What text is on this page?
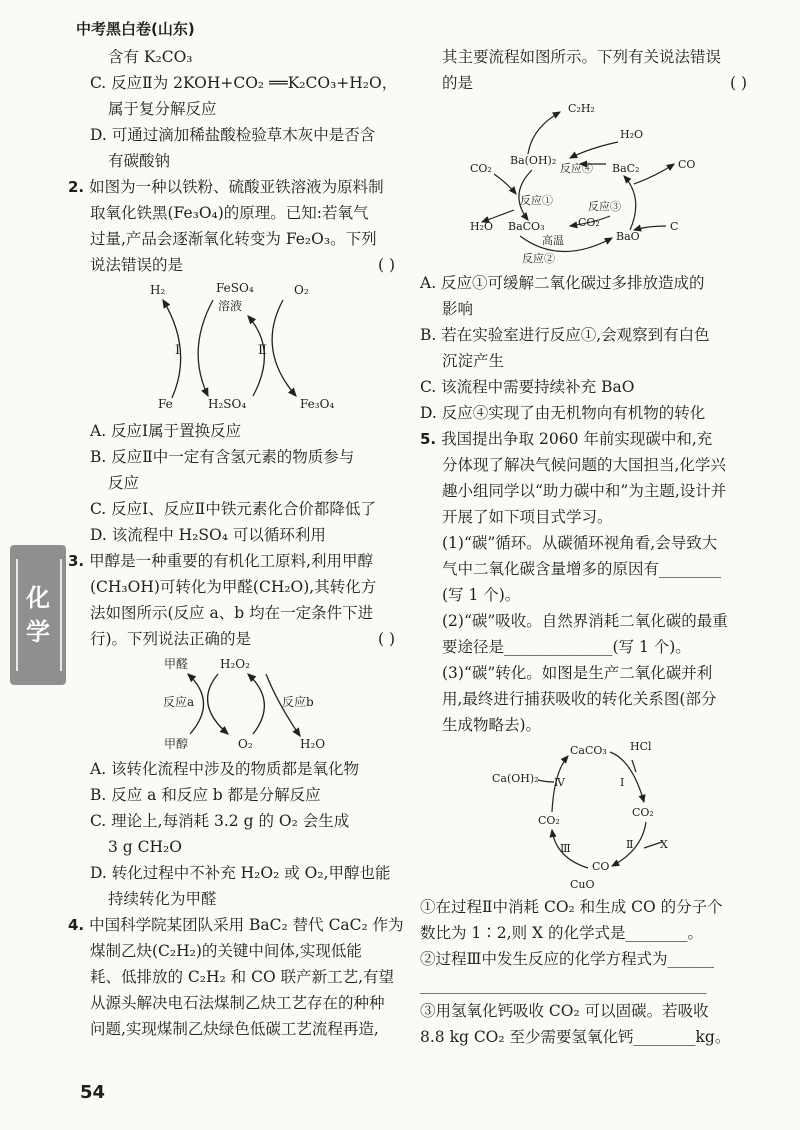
中考黑白卷(山东)
化
学
含有 K₂CO₃
C. 反应Ⅱ为 2KOH+CO₂ ══K₂CO₃+H₂O，
属于复分解反应
D. 可通过滴加稀盐酸检验草木灰中是否含
有碳酸钠
2. 如图为一种以铁粉、硫酸亚铁溶液为原料制
取氧化铁黑(Fe₃O₄)的原理。已知:若氧气
过量,产品会逐渐氧化转变为 Fe₂O₃。下列
说法错误的是	( )
H₂	FeSO₄
溶液
O₂
Ⅰ	Ⅱ
Fe	H₂SO₄	Fe₃O₄
A. 反应Ⅰ属于置换反应
B. 反应Ⅱ中一定有含氢元素的物质参与
反应
C. 反应Ⅰ、反应Ⅱ中铁元素化合价都降低了
D. 该流程中 H₂SO₄ 可以循环利用
3. 甲醇是一种重要的有机化工原料,利用甲醇
(CH₃OH)可转化为甲醛(CH₂O),其转化方
法如图所示(反应 a、b 均在一定条件下进
行)。下列说法正确的是	( )
甲醛	H₂O₂
反应a	反应b
甲醇	O₂	H₂O
A. 该转化流程中涉及的物质都是氧化物
B. 反应 a 和反应 b 都是分解反应
C. 理论上,每消耗 3.2 g 的 O₂ 会生成
3 g CH₂O
D. 转化过程中不补充 H₂O₂ 或 O₂,甲醇也能
持续转化为甲醛
4. 中国科学院某团队采用 BaC₂ 替代 CaC₂ 作为
煤制乙炔(C₂H₂)的关键中间体,实现低能
耗、低排放的 C₂H₂ 和 CO 联产新工艺,有望
从源头解决电石法煤制乙炔工艺存在的种种
问题,实现煤制乙炔绿色低碳工艺流程再造,
其主要流程如图所示。下列有关说法错误
的是	( )
C₂H₂
H₂O
CO₂
Ba(OH)₂
反应④ BaC₂	CO
反应①	反应③
CO₂
H₂O BaCO₃
BaO
C
高温
反应②
A. 反应①可缓解二氧化碳过多排放造成的
影响
B. 若在实验室进行反应①,会观察到有白色
沉淀产生
C. 该流程中需要持续补充 BaO
D. 反应④实现了由无机物向有机物的转化
5. 我国提出争取 2060 年前实现碳中和,充
分体现了解决气候问题的大国担当,化学兴
趣小组同学以“助力碳中和”为主题,设计并
开展了如下项目式学习。
(1)“碳”循环。从碳循环视角看,会导致大
气中二氧化碳含量增多的原因有________
(写 1 个)。
(2)“碳”吸收。自然界消耗二氧化碳的最重
要途径是______________(写 1 个)。
(3)“碳”转化。如图是生产二氧化碳并利
用,最终进行捕获吸收的转化关系图(部分
生成物略去)。
CaCO₃ HCl
Ca(OH)₂ Ⅳ	Ⅰ
CO₂
CO₂
Ⅲ	Ⅱ X
CO
CuO
①在过程Ⅱ中消耗 CO₂ 和生成 CO 的分子个
数比为 1∶2,则 X 的化学式是________。
②过程Ⅲ中发生反应的化学方程式为______
_____________________________________
③用氢氧化钙吸收 CO₂ 可以固碳。若吸收
8.8 kg CO₂ 至少需要氢氧化钙________kg。
54
